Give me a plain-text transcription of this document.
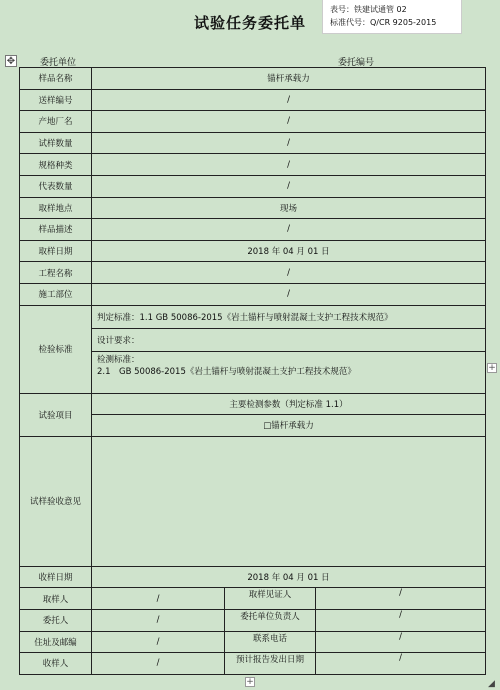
试验任务委托单
表号：铁建试通管 02
标准代号：Q/CR 9205-2015
✥	委托单位	委托编号
样品名称	锚杆承载力	
送样编号	/	
产地厂名	/	
试样数量	/	
规格种类	/	
代表数量	/	
取样地点	现场	
样品描述	/	
取样日期	2018 年 04 月 01 日	
工程名称	/	
施工部位	/	
检验标准	判定标准：1.1 GB 50086-2015《岩土锚杆与喷射混凝土支护工程技术规范》	
	设计要求：	

	检测标准：
2.1　GB 50086-2015《岩土锚杆与喷射混凝土支护工程技术规范》	

试验项目	主要检测参数（判定标准 1.1）	
	□锚杆承载力	
试样验收意见		
收样日期	2018 年 04 月 01 日	
取样人	/	取样见证人 /

委托人	/	委托单位负责人 /

住址及邮编	/	联系电话 /

收样人	/	预计报告发出日期 /
+
+	◢
